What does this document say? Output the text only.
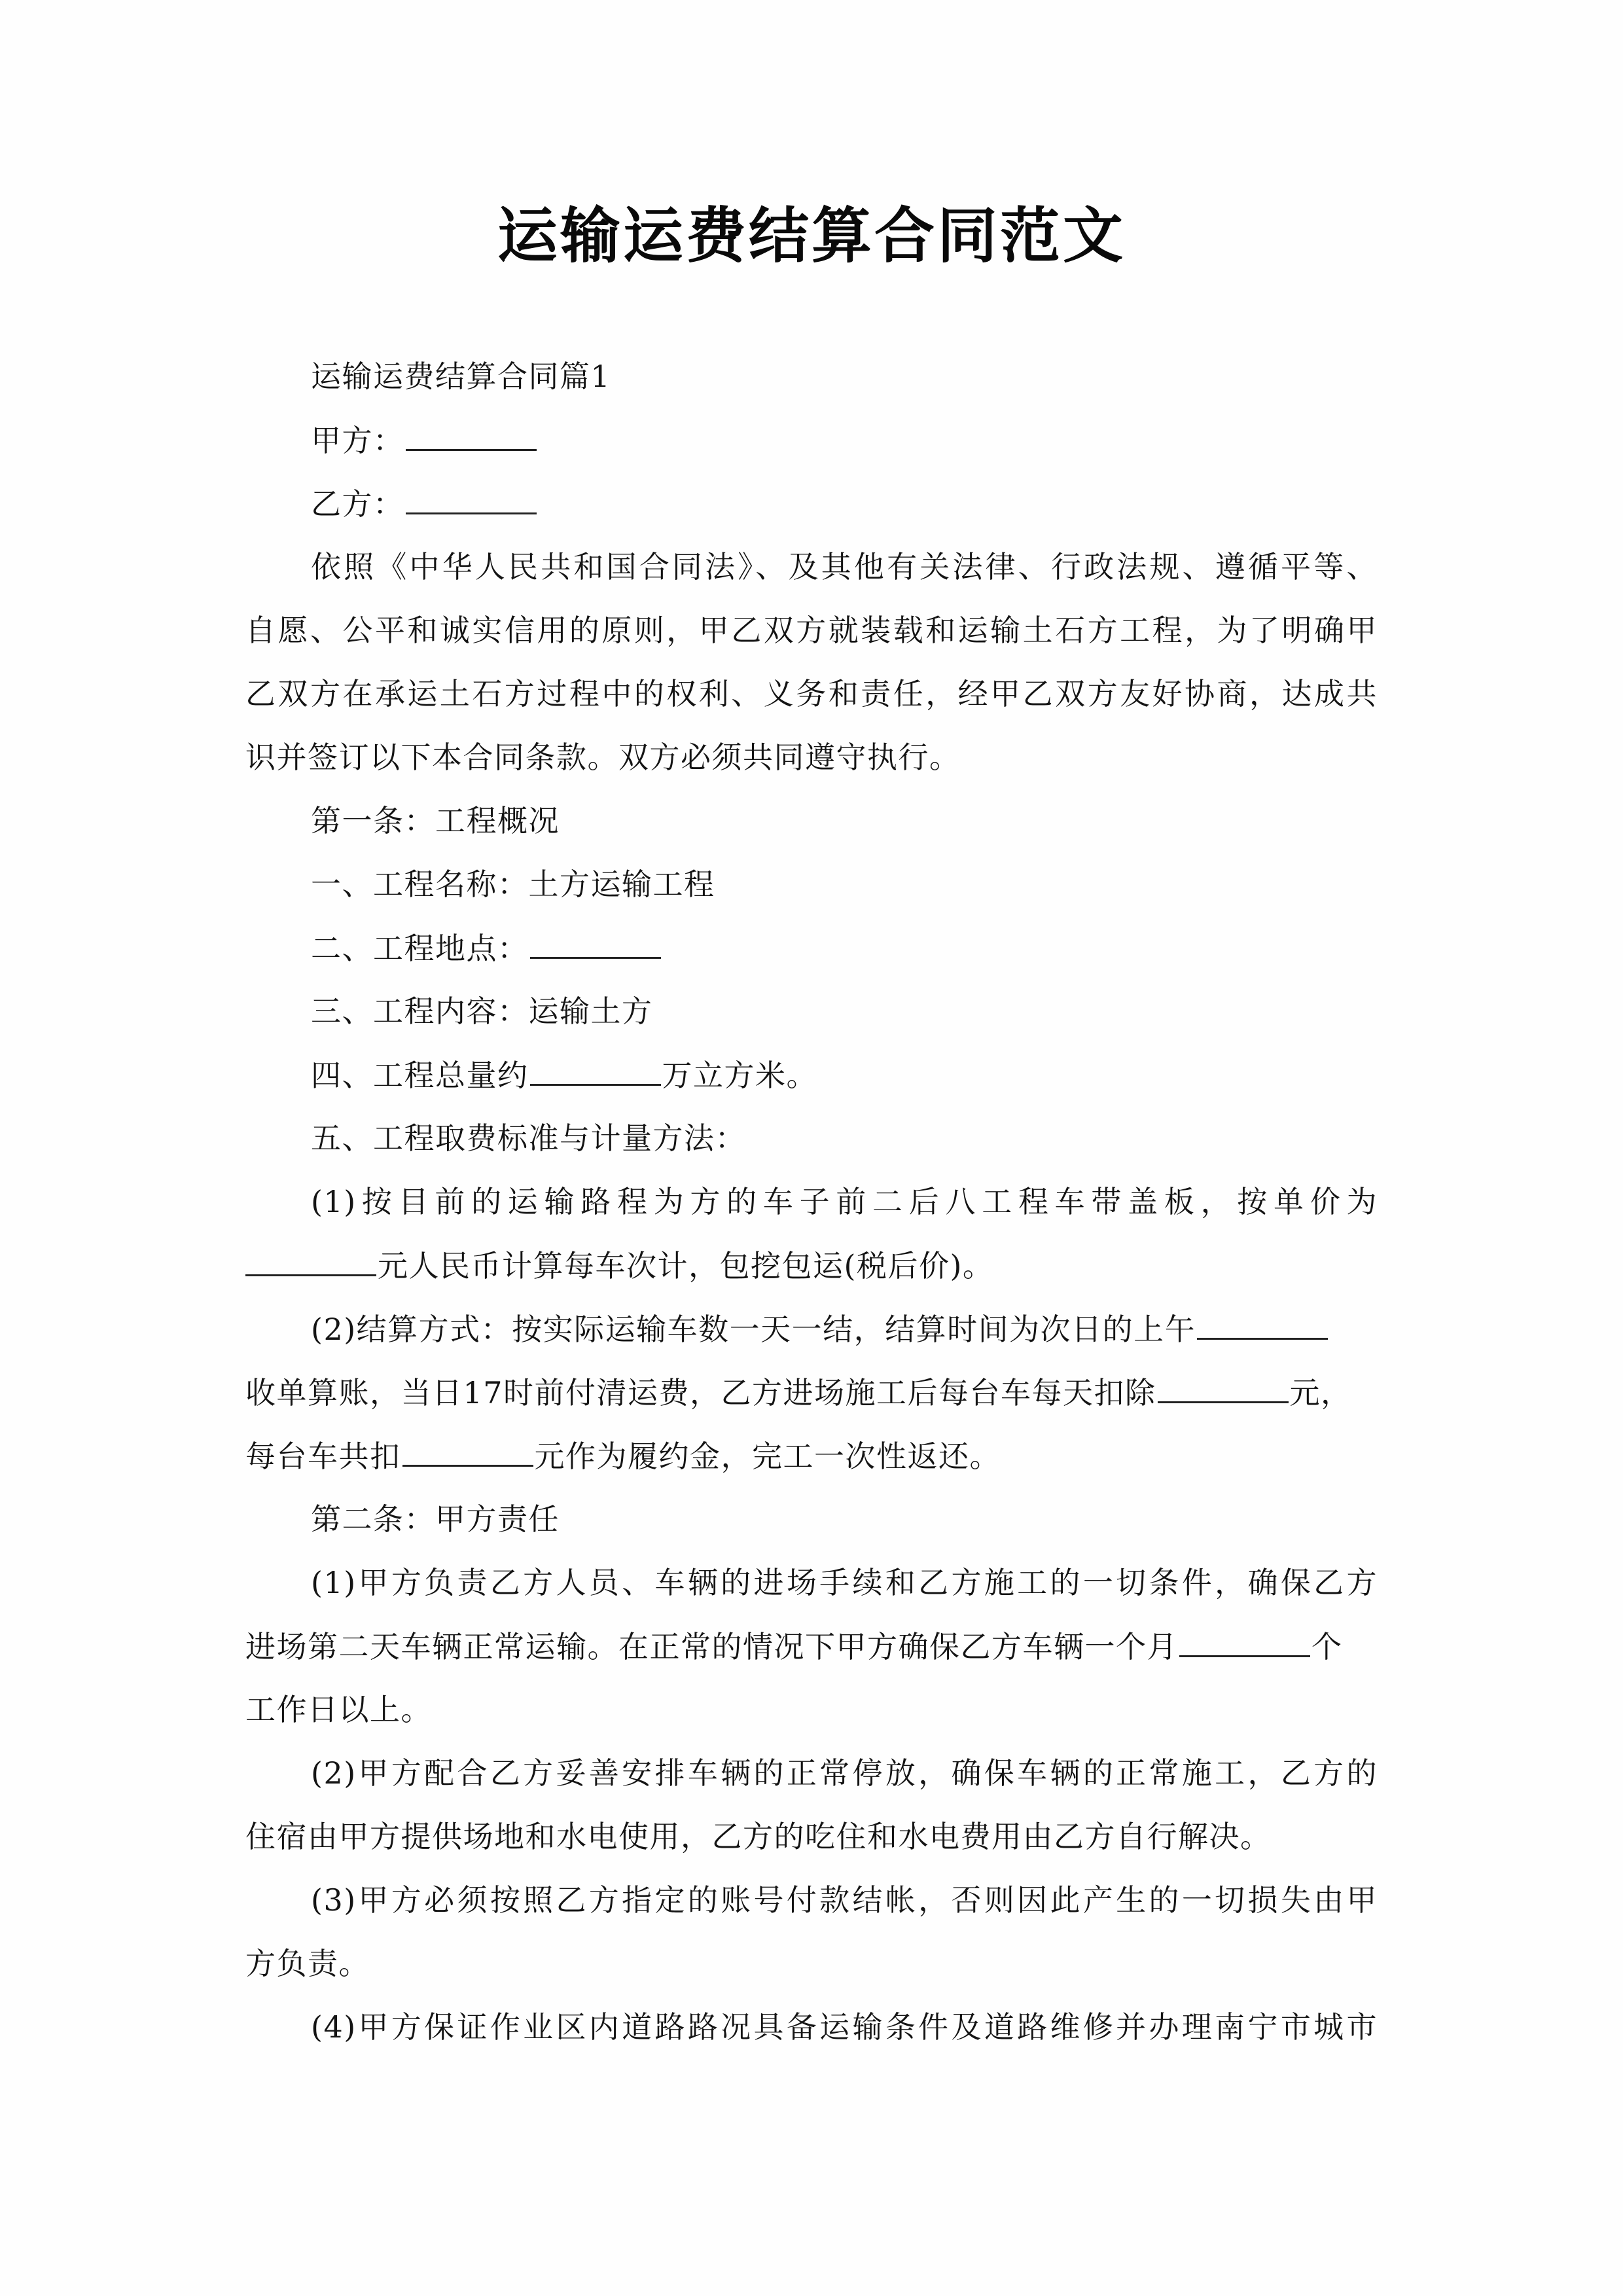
运输运费结算合同范文
运输运费结算合同篇1
甲方：
乙方：
依照《中华人民共和国合同法》、及其他有关法律、行政法规、遵循平等、
自愿、公平和诚实信用的原则，甲乙双方就装载和运输土石方工程，为了明确甲
乙双方在承运土石方过程中的权利、义务和责任，经甲乙双方友好协商，达成共
识并签订以下本合同条款。双方必须共同遵守执行。
第一条：工程概况
一、工程名称：土方运输工程
二、工程地点：
三、工程内容：运输土方
四、工程总量约	万立方米。
五、工程取费标准与计量方法：
(1)按目前的运输路程为方的车子前二后八工程车带盖板，按单价为
元人民币计算每车次计，包挖包运(税后价)。
(2)结算方式：按实际运输车数一天一结，结算时间为次日的上午
收单算账，当日17时前付清运费，乙方进场施工后每台车每天扣除	元，
每台车共扣	元作为履约金，完工一次性返还。
第二条：甲方责任
(1)甲方负责乙方人员、车辆的进场手续和乙方施工的一切条件，确保乙方
进场第二天车辆正常运输。在正常的情况下甲方确保乙方车辆一个月	个
工作日以上。
(2)甲方配合乙方妥善安排车辆的正常停放，确保车辆的正常施工，乙方的
住宿由甲方提供场地和水电使用，乙方的吃住和水电费用由乙方自行解决。
(3)甲方必须按照乙方指定的账号付款结帐，否则因此产生的一切损失由甲
方负责。
(4)甲方保证作业区内道路路况具备运输条件及道路维修并办理南宁市城市
